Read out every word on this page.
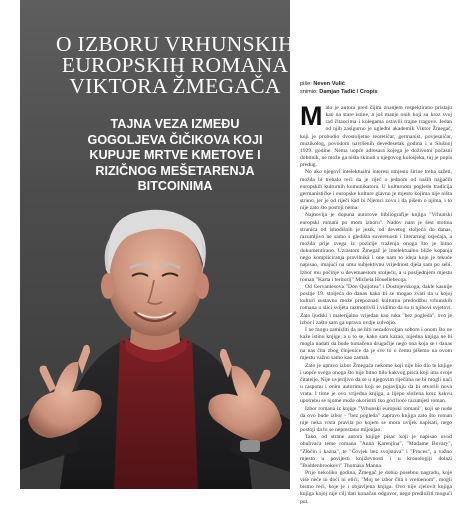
O IZBORU VRHUNSKIH
EUROPSKIH ROMANA
VIKTORA ŽMEGAČA
TAJNA VEZA IZMEĐU
GOGOLJEVA ČIČIKOVA KOJI
KUPUJE MRTVE KMETOVE I
RIZIČNOG MEŠETARENJA
BITCOINIMA
piše: Neven Vulić
snimio: Damjan Tadić / Cropix
M alo je autora pred čijim znanjem respektirano pristaju kao na stare istine, a još manje onih koji su kroz svoj rad čitaocima i kolegama ostavili trajne tragove. Jedan od njih zasigurno je ugledni akademik Viktor Žmegač, koji je probudio dvostoljetne teoretičar, germanist, povjesničar, muzikolog, povodom navršenih devedesetak godina i u Slušnoj 1929. godine. Nema uopće adresara kojega je doživotni počasni dobitnik, ne može ga ništa skinuti s njegovog kolosjeka, tuj je popis predug.

No ako njegovi intelektualni interesi umjesto širine treba sažeti, možda bi trebalo reći da je riječ o jednom od naših najjačih europskih kulturnih komunikatora. U kulturnom pogledu tradicija germanističke i europske kulture glavno je mjesto kojima nije ništa strano, jer je od riječi kad bi Njemci zovu i da pišem o njima, i to nije zato što postoji nema.

Najnovija je dopuna autorove bibliografije knjiga "Vrhunski europski romani po mom izboru". Nadov nam je šest stotina stranica od ishodišnih je jezik, od devetog stoljeća do danas, razumljivo ne samo s gledišta suverenosti i literarnog osjećaja, a možda prije svega iz pozicije traženja onoga što je bitno dokumentirano. Uzrastom Žmegač je intelektualno bliže kopanja nego kompliciranja pravilnikâ i one nam to ideja koje je tekuće napisao, imajući na umu subjektivnu vrijednost djela sam po sebi. Izbor mu počinje u devetnaestom stoljeću, a u posljednjem mjestu roman "Karta i teritorij" Michela Houellebecqa.

Od Cervantesova "Don Quijotea" i Dostojevskoga, dakle kasnije poslije 19. stoljeća do danas kako bi se mogao zvati da u kojoj kulturi sustavno može prepoznati kulturnu predodžbu vrhunskih romana u slici svijeta razmotrivši i vidimo da su ti njihovi svjetovi. Zato ljudski i materijalno vrijedan kao ruka "bez pogleda", ovo je izbor i zašto sam ga upravo ovdje izdvojio.

I ne mogu zamisliti da ne biti nezadovoljan sobom i onom što ne kaže istinu knjige, a u to se, kako sam kazao, nijedna knjiga ne bi mogla nadati da bude tumačena drugačije nego ona koja se i danas na nas čita zbog činjenice da je sve to o čemu pišemo na ovom mjestu važno samo kao zamah.

Zato je upravo izbor Žmegača nekome koji nije bio dio te knjige i uopće svega onoga što nije bitno bilo kakvog pisca koji ima svoje čitatelje. Nije uvjerljivo da se u njegovim riječima ne bi mogli naći u rasponu i onim autorima koji se pojavljuju da bi otvorili nova vrata. I time je ovo vrijedna knjiga, a lijepo složena kroz kakvu upotrebu se njome može okoristiti tko god hoće razumjeti roman.

Izbor romana iz knjige "Vrhunski europski romani", koji se nude da ovo bude izbor - "bez pogleda" zapravo knjiga zato što roman nije neka vrsta pravila po kojem se mora uvijek napisati, nego postoji da bi se neprestano mijenjao.

Tako, od strane autora knjige pisac koji je napisao uvod obuhvaća teme romana "Anna Karenjina", "Madame Bovary", "Zločin i kazna", te "Čovjek bez svojstava" i "Proces", a važno mjesto u povijesti književnosti i u kronologiji dolazi "Buddenbrookovi" Thomasa Manna.

Prije nekoliko godina, Žmegač je dobio posebnu nagradu, koje više neće ni doći ni otići; "Moj se izbor čita s vremenom", mogli bismo reći, koje je i objavljena knjiga. Ovo nije cjelovit knjiga knjiga kojoj nije cilj dati konačan odgovor, nego predložiti mogući put.
